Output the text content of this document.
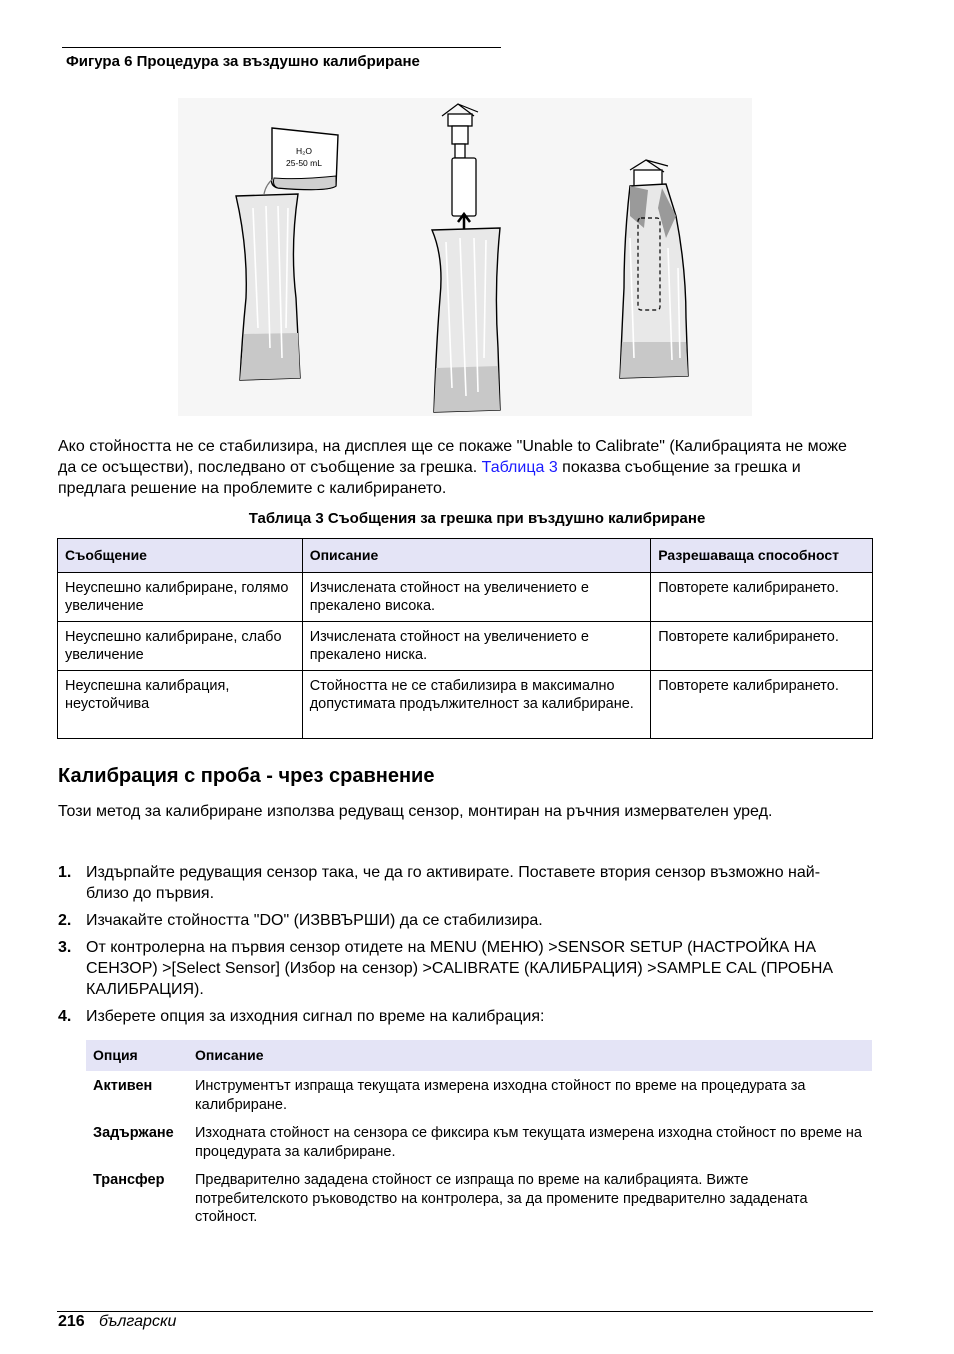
Фигура 6 Процедура за въздушно калибриране
H₂O
25-50 mL
Ако стойността не се стабилизира, на дисплея ще се покаже "Unable to Calibrate" (Калибрацията не може да се осъществи), последвано от съобщение за грешка. Таблица 3 показва съобщение за грешка и предлага решение на проблемите с калибрирането.
Таблица 3 Съобщения за грешка при въздушно калибриране
Съобщение	Описание	Разрешаваща способност
Неуспешно калибриране, голямо увеличение	Изчислената стойност на увеличението е прекалено висока.	Повторете калибрирането.
Неуспешно калибриране, слабо увеличение	Изчислената стойност на увеличението е прекалено ниска.	Повторете калибрирането.
Неуспешна калибрация, неустойчива	Стойността не се стабилизира в максимално допустимата продължителност за калибриране.	Повторете калибрирането.
Калибрация с проба - чрез сравнение
Този метод за калибриране използва редуващ сензор, монтиран на ръчния измервателен уред.
1. Издърпайте редуващия сензор така, че да го активирате. Поставете втория сензор възможно най-близо до първия.
2. Изчакайте стойността "DO" (ИЗВВЪРШИ) да се стабилизира.
3. От контролерна на първия сензор отидете на MENU (МЕНЮ) >SENSOR SETUP (НАСТРОЙКА НА СЕНЗОР) >[Select Sensor] (Избор на сензор) >CALIBRATE (КАЛИБРАЦИЯ) >SAMPLE CAL (ПРОБНА КАЛИБРАЦИЯ).
4. Изберете опция за изходния сигнал по време на калибрация:
Опция	Описание
Активен	Инструментът изпраща текущата измерена изходна стойност по време на процедурата за калибриране.
Задържане	Изходната стойност на сензора се фиксира към текущата измерена изходна стойност по време на процедурата за калибриране.
Трансфер	Предварително зададена стойност се изпраща по време на калибрацията. Вижте потребителското ръководство на контролера, за да промените предварително зададената стойност.
216 български
